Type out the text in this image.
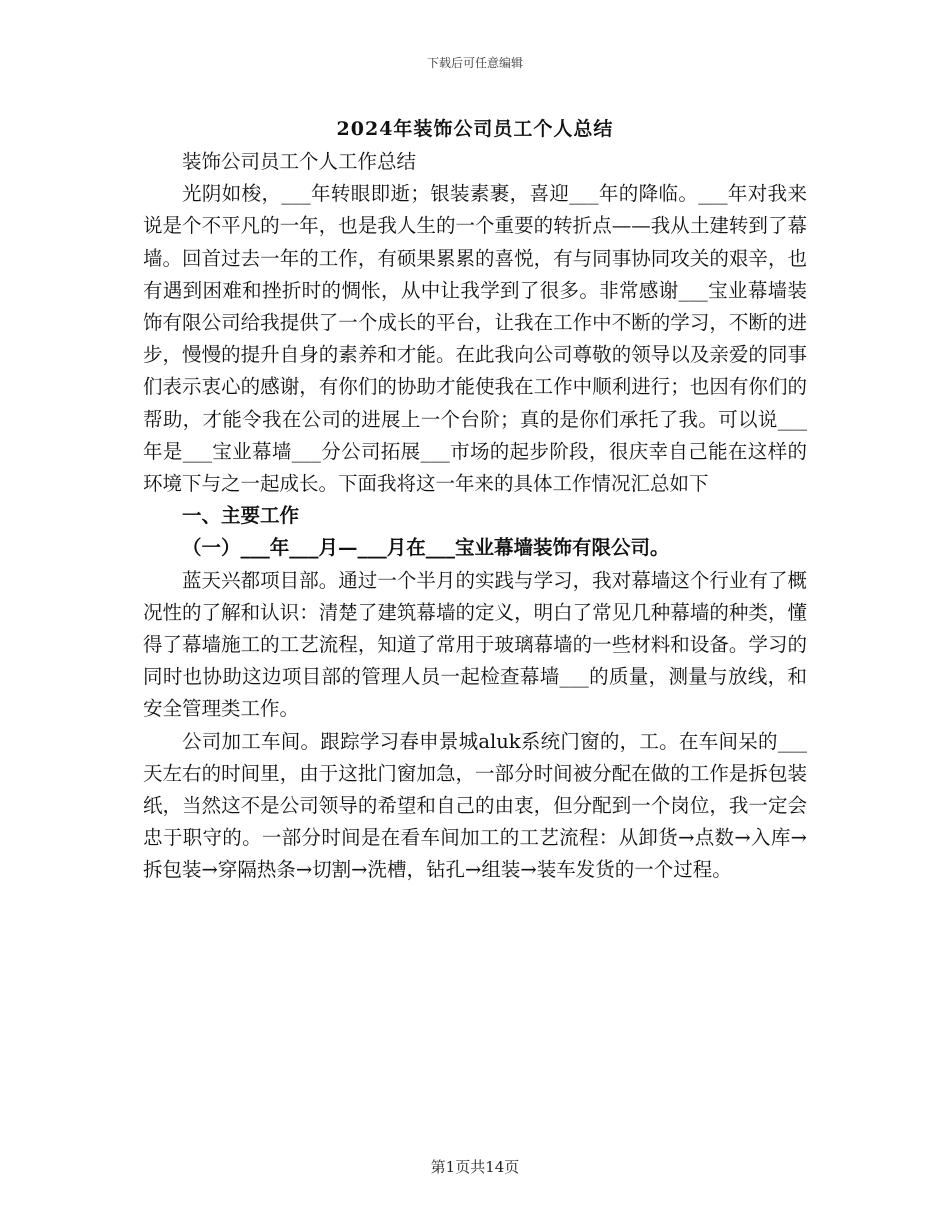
下载后可任意编辑
2024年装饰公司员工个人总结

装饰公司员工个人工作总结

光阴如梭，___年转眼即逝；银装素裹，喜迎___年的降临。___年对我来说是个不平凡的一年，也是我人生的一个重要的转折点——我从土建转到了幕墙。回首过去一年的工作，有硕果累累的喜悦，有与同事协同攻关的艰辛，也有遇到困难和挫折时的惆怅，从中让我学到了很多。非常感谢___宝业幕墙装饰有限公司给我提供了一个成长的平台，让我在工作中不断的学习，不断的进步，慢慢的提升自身的素养和才能。在此我向公司尊敬的领导以及亲爱的同事们表示衷心的感谢，有你们的协助才能使我在工作中顺利进行；也因有你们的帮助，才能令我在公司的进展上一个台阶；真的是你们承托了我。可以说___年是___宝业幕墙___分公司拓展___市场的起步阶段，很庆幸自己能在这样的环境下与之一起成长。下面我将这一年来的具体工作情况汇总如下

一、主要工作

（一）___年___月—___月在___宝业幕墙装饰有限公司。

蓝天兴都项目部。通过一个半月的实践与学习，我对幕墙这个行业有了概况性的了解和认识：清楚了建筑幕墙的定义，明白了常见几种幕墙的种类，懂得了幕墙施工的工艺流程，知道了常用于玻璃幕墙的一些材料和设备。学习的同时也协助这边项目部的管理人员一起检查幕墙___的质量，测量与放线，和安全管理类工作。

公司加工车间。跟踪学习春申景城aluk系统门窗的，工。在车间呆的___天左右的时间里，由于这批门窗加急，一部分时间被分配在做的工作是拆包装纸，当然这不是公司领导的希望和自己的由衷，但分配到一个岗位，我一定会忠于职守的。一部分时间是在看车间加工的工艺流程：从卸货→点数→入库→拆包装→穿隔热条→切割→洗槽，钻孔→组装→装车发货的一个过程。

第1页共14页
